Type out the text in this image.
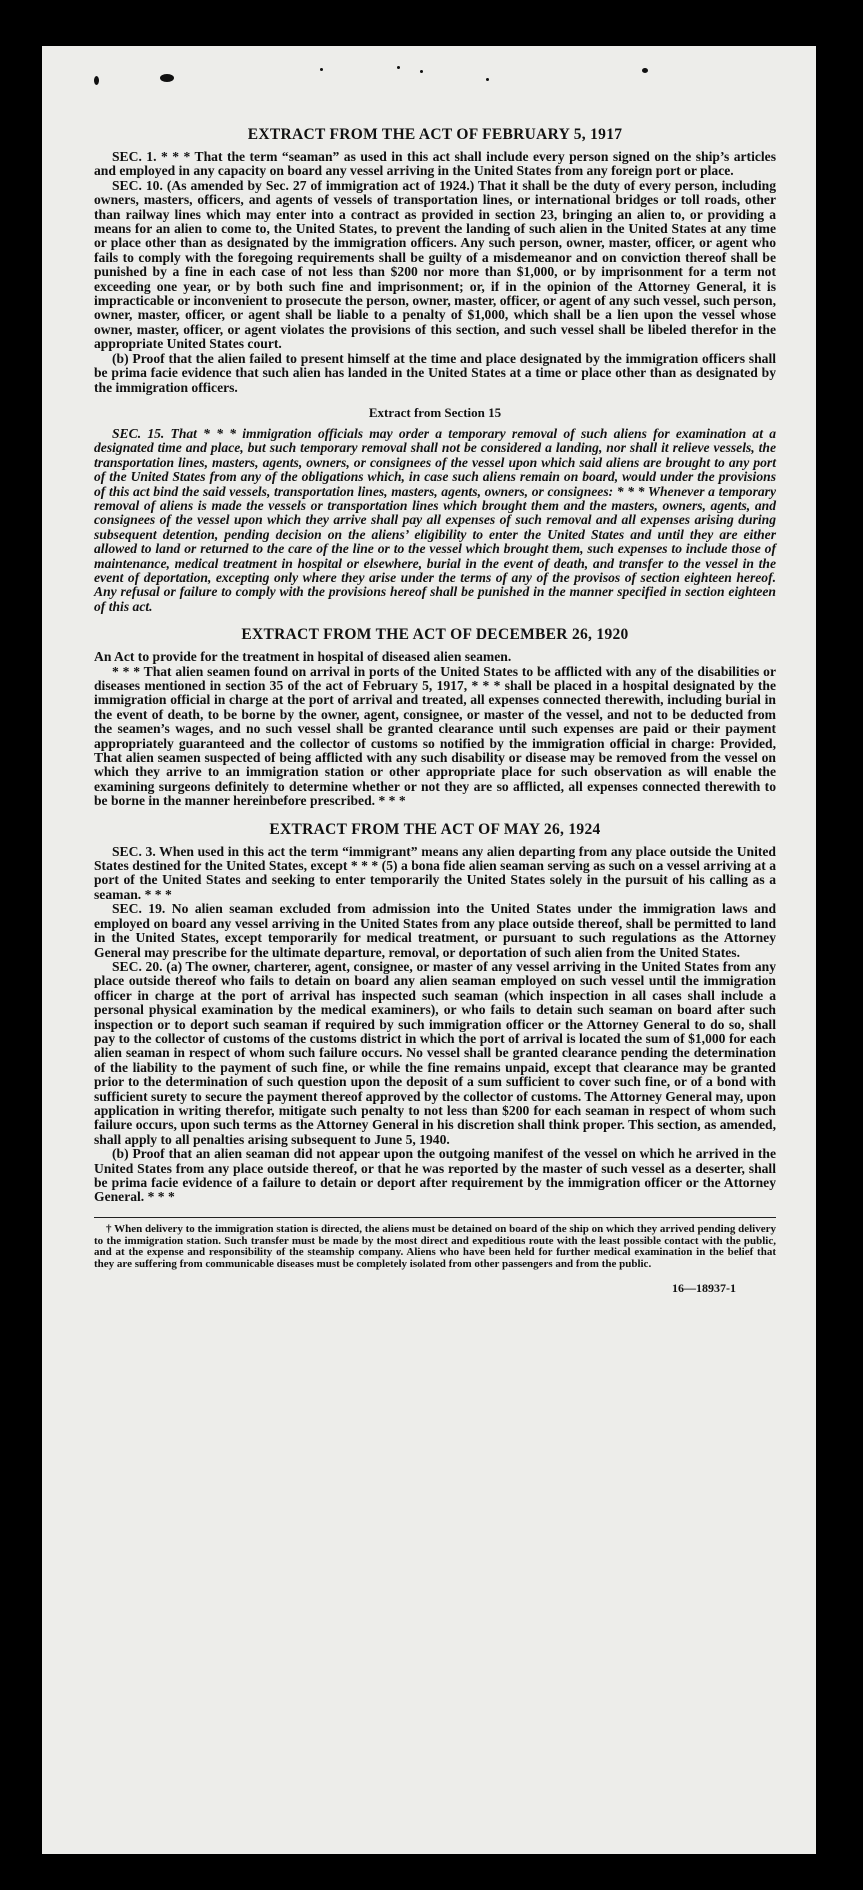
EXTRACT FROM THE ACT OF FEBRUARY 5, 1917

SEC. 1. * * * That the term “seaman” as used in this act shall include every person signed on the ship’s articles and employed in any capacity on board any vessel arriving in the United States from any foreign port or place.

SEC. 10. (As amended by Sec. 27 of immigration act of 1924.) That it shall be the duty of every person, including owners, masters, officers, and agents of vessels of transportation lines, or international bridges or toll roads, other than railway lines which may enter into a contract as provided in section 23, bringing an alien to, or providing a means for an alien to come to, the United States, to prevent the landing of such alien in the United States at any time or place other than as designated by the immigration officers. Any such person, owner, master, officer, or agent who fails to comply with the foregoing requirements shall be guilty of a misdemeanor and on conviction thereof shall be punished by a fine in each case of not less than $200 nor more than $1,000, or by imprisonment for a term not exceeding one year, or by both such fine and imprisonment; or, if in the opinion of the Attorney General, it is impracticable or inconvenient to prosecute the person, owner, master, officer, or agent of any such vessel, such person, owner, master, officer, or agent shall be liable to a penalty of $1,000, which shall be a lien upon the vessel whose owner, master, officer, or agent violates the provisions of this section, and such vessel shall be libeled therefor in the appropriate United States court.

(b) Proof that the alien failed to present himself at the time and place designated by the immigration officers shall be prima facie evidence that such alien has landed in the United States at a time or place other than as designated by the immigration officers.

Extract from Section 15

SEC. 15. That * * * immigration officials may order a temporary removal of such aliens for examination at a designated time and place, but such temporary removal shall not be considered a landing, nor shall it relieve vessels, the transportation lines, masters, agents, owners, or consignees of the vessel upon which said aliens are brought to any port of the United States from any of the obligations which, in case such aliens remain on board, would under the provisions of this act bind the said vessels, transportation lines, masters, agents, owners, or consignees: * * * Whenever a temporary removal of aliens is made the vessels or transportation lines which brought them and the masters, owners, agents, and consignees of the vessel upon which they arrive shall pay all expenses of such removal and all expenses arising during subsequent detention, pending decision on the aliens’ eligibility to enter the United States and until they are either allowed to land or returned to the care of the line or to the vessel which brought them, such expenses to include those of maintenance, medical treatment in hospital or elsewhere, burial in the event of death, and transfer to the vessel in the event of deportation, excepting only where they arise under the terms of any of the provisos of section eighteen hereof. Any refusal or failure to comply with the provisions hereof shall be punished in the manner specified in section eighteen of this act.

EXTRACT FROM THE ACT OF DECEMBER 26, 1920

An Act to provide for the treatment in hospital of diseased alien seamen.

* * * That alien seamen found on arrival in ports of the United States to be afflicted with any of the disabilities or diseases mentioned in section 35 of the act of February 5, 1917, * * * shall be placed in a hospital designated by the immigration official in charge at the port of arrival and treated, all expenses connected therewith, including burial in the event of death, to be borne by the owner, agent, consignee, or master of the vessel, and not to be deducted from the seamen’s wages, and no such vessel shall be granted clearance until such expenses are paid or their payment appropriately guaranteed and the collector of customs so notified by the immigration official in charge: Provided, That alien seamen suspected of being afflicted with any such disability or disease may be removed from the vessel on which they arrive to an immigration station or other appropriate place for such observation as will enable the examining surgeons definitely to determine whether or not they are so afflicted, all expenses connected therewith to be borne in the manner hereinbefore prescribed. * * *

EXTRACT FROM THE ACT OF MAY 26, 1924

SEC. 3. When used in this act the term “immigrant” means any alien departing from any place outside the United States destined for the United States, except * * * (5) a bona fide alien seaman serving as such on a vessel arriving at a port of the United States and seeking to enter temporarily the United States solely in the pursuit of his calling as a seaman. * * *

SEC. 19. No alien seaman excluded from admission into the United States under the immigration laws and employed on board any vessel arriving in the United States from any place outside thereof, shall be permitted to land in the United States, except temporarily for medical treatment, or pursuant to such regulations as the Attorney General may prescribe for the ultimate departure, removal, or deportation of such alien from the United States.

SEC. 20. (a) The owner, charterer, agent, consignee, or master of any vessel arriving in the United States from any place outside thereof who fails to detain on board any alien seaman employed on such vessel until the immigration officer in charge at the port of arrival has inspected such seaman (which inspection in all cases shall include a personal physical examination by the medical examiners), or who fails to detain such seaman on board after such inspection or to deport such seaman if required by such immigration officer or the Attorney General to do so, shall pay to the collector of customs of the customs district in which the port of arrival is located the sum of $1,000 for each alien seaman in respect of whom such failure occurs. No vessel shall be granted clearance pending the determination of the liability to the payment of such fine, or while the fine remains unpaid, except that clearance may be granted prior to the determination of such question upon the deposit of a sum sufficient to cover such fine, or of a bond with sufficient surety to secure the payment thereof approved by the collector of customs. The Attorney General may, upon application in writing therefor, mitigate such penalty to not less than $200 for each seaman in respect of whom such failure occurs, upon such terms as the Attorney General in his discretion shall think proper. This section, as amended, shall apply to all penalties arising subsequent to June 5, 1940.

(b) Proof that an alien seaman did not appear upon the outgoing manifest of the vessel on which he arrived in the United States from any place outside thereof, or that he was reported by the master of such vessel as a deserter, shall be prima facie evidence of a failure to detain or deport after requirement by the immigration officer or the Attorney General. * * *

† When delivery to the immigration station is directed, the aliens must be detained on board of the ship on which they arrived pending delivery to the immigration station. Such transfer must be made by the most direct and expeditious route with the least possible contact with the public, and at the expense and responsibility of the steamship company. Aliens who have been held for further medical examination in the belief that they are suffering from communicable diseases must be completely isolated from other passengers and from the public.

16—18937-1
